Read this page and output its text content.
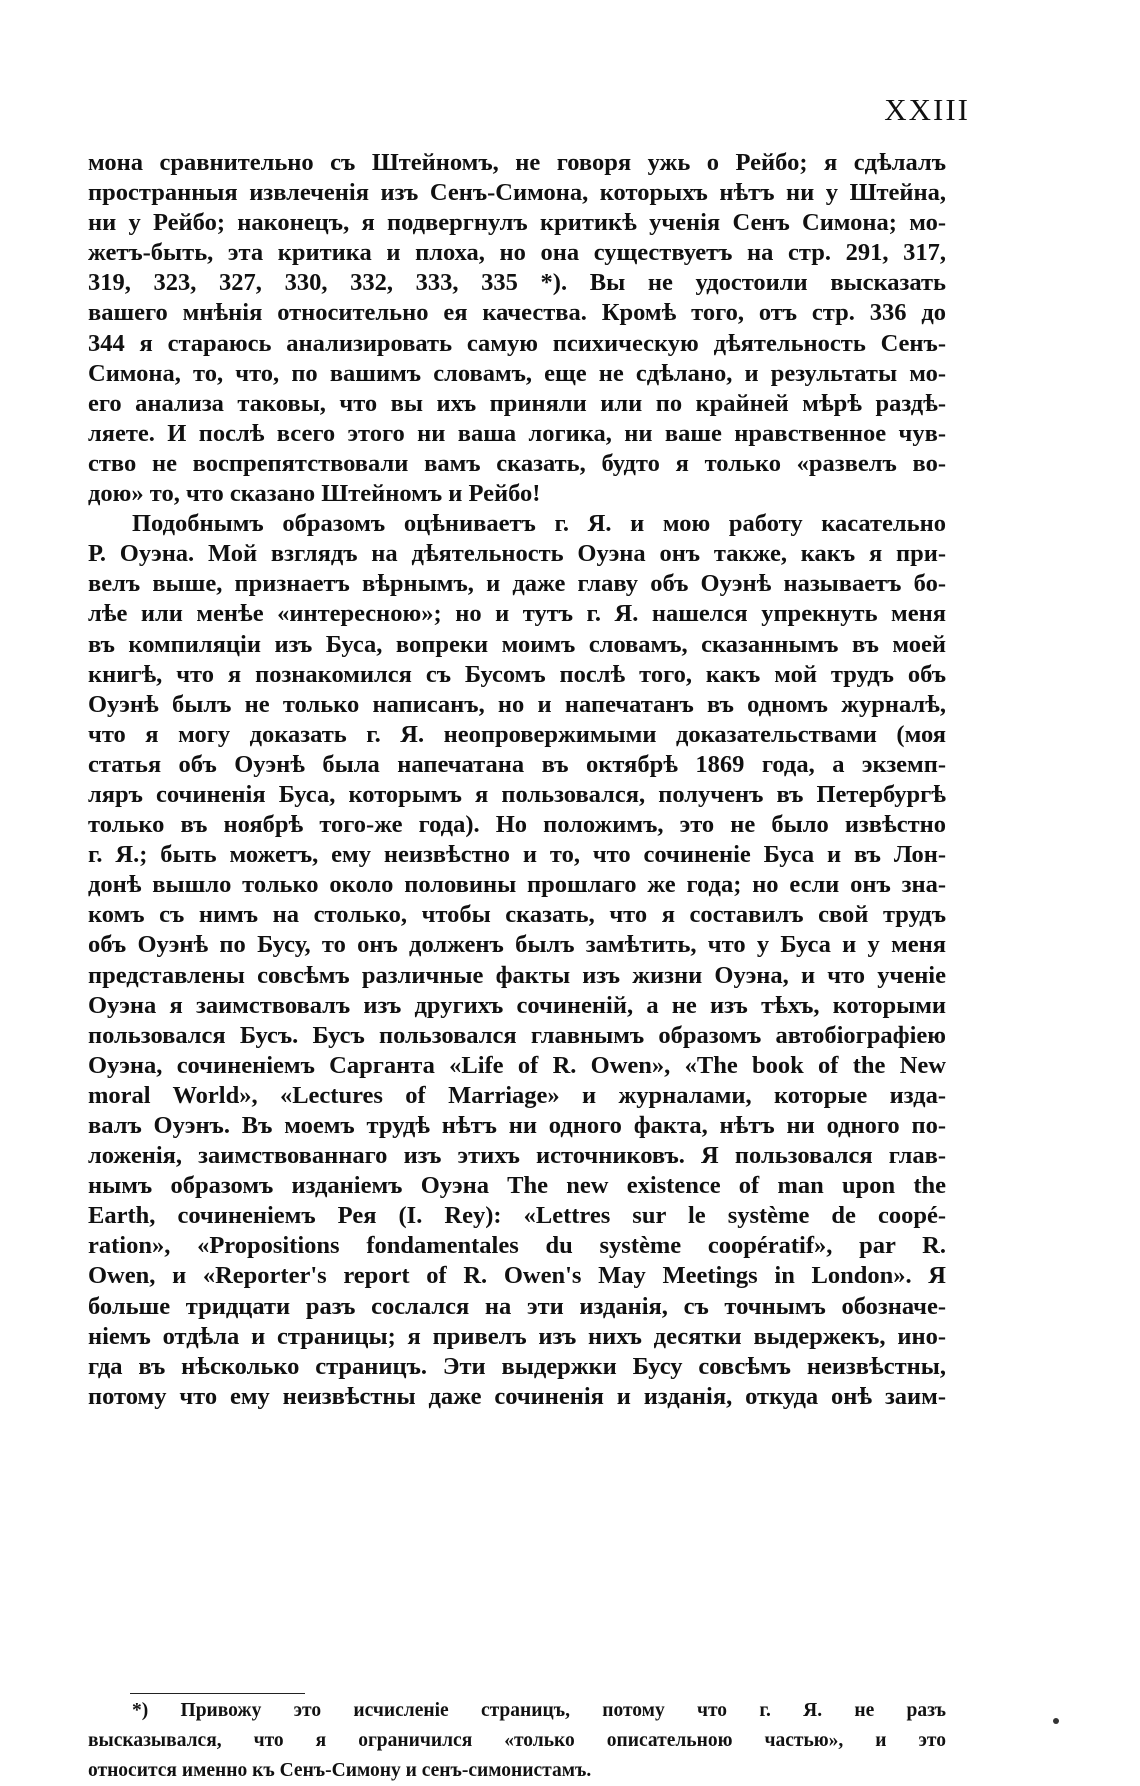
XXIII
мона сравнительно съ Штейномъ, не говоря ужь о Рейбо; я сдѣлалъ
пространныя извлеченія изъ Сенъ-Симона, которыхъ нѣтъ ни у Штейна,
ни у Рейбо; наконецъ, я подвергнулъ критикѣ ученія Сенъ Симона; мо-
жетъ-быть, эта критика и плоха, но она существуетъ на стр. 291, 317,
319, 323, 327, 330, 332, 333, 335 *). Вы не удостоили высказать
вашего мнѣнія относительно ея качества. Кромѣ того, отъ стр. 336 до
344 я стараюсь анализировать самую психическую дѣятельность Сенъ-
Симона, то, что, по вашимъ словамъ, еще не сдѣлано, и результаты мо-
его анализа таковы, что вы ихъ приняли или по крайней мѣрѣ раздѣ-
ляете. И послѣ всего этого ни ваша логика, ни ваше нравственное чув-
ство не воспрепятствовали вамъ сказать, будто я только «развелъ во-
дою» то, что сказано Штейномъ и Рейбо!
Подобнымъ образомъ оцѣниваетъ г. Я. и мою работу касательно
Р. Оуэна. Мой взглядъ на дѣятельность Оуэна онъ также, какъ я при-
велъ выше, признаетъ вѣрнымъ, и даже главу объ Оуэнѣ называетъ бо-
лѣе или менѣе «интересною»; но и тутъ г. Я. нашелся упрекнуть меня
въ компиляціи изъ Буса, вопреки моимъ словамъ, сказаннымъ въ моей
книгѣ, что я познакомился съ Бусомъ послѣ того, какъ мой трудъ объ
Оуэнѣ былъ не только написанъ, но и напечатанъ въ одномъ журналѣ,
что я могу доказать г. Я. неопровержимыми доказательствами (моя
статья объ Оуэнѣ была напечатана въ октябрѣ 1869 года, а экземп-
ляръ сочиненія Буса, которымъ я пользовался, полученъ въ Петербургѣ
только въ ноябрѣ того-же года). Но положимъ, это не было извѣстно
г. Я.; быть можетъ, ему неизвѣстно и то, что сочиненіе Буса и въ Лон-
донѣ вышло только около половины прошлаго же года; но если онъ зна-
комъ съ нимъ на столько, чтобы сказать, что я составилъ свой трудъ
объ Оуэнѣ по Бусу, то онъ долженъ былъ замѣтить, что у Буса и у меня
представлены совсѣмъ различные факты изъ жизни Оуэна, и что ученіе
Оуэна я заимствовалъ изъ другихъ сочиненій, а не изъ тѣхъ, которыми
пользовался Бусъ. Бусъ пользовался главнымъ образомъ автобіографіею
Оуэна, сочиненіемъ Сарганта «Life of R. Owen», «The book of the New
moral World», «Lectures of Marriage» и журналами, которые изда-
валъ Оуэнъ. Въ моемъ трудѣ нѣтъ ни одного факта, нѣтъ ни одного по-
ложенія, заимствованнаго изъ этихъ источниковъ. Я пользовался глав-
нымъ образомъ изданіемъ Оуэна The new existence of man upon the
Earth, сочиненіемъ Рея (I. Rey): «Lettres sur le système de coopé-
ration», «Propositions fondamentales du système coopératif», par R.
Owen, и «Reporter's report of R. Owen's May Meetings in London». Я
больше тридцати разъ сослался на эти изданія, съ точнымъ обозначе-
ніемъ отдѣла и страницы; я привелъ изъ нихъ десятки выдержекъ, ино-
гда въ нѣсколько страницъ. Эти выдержки Бусу совсѣмъ неизвѣстны,
потому что ему неизвѣстны даже сочиненія и изданія, откуда онѣ заим-
*) Привожу это исчисленіе страницъ, потому что г. Я. не разъ
высказывался, что я ограничился «только описательною частью», и это
относится именно къ Сенъ-Симону и сенъ-симонистамъ.
